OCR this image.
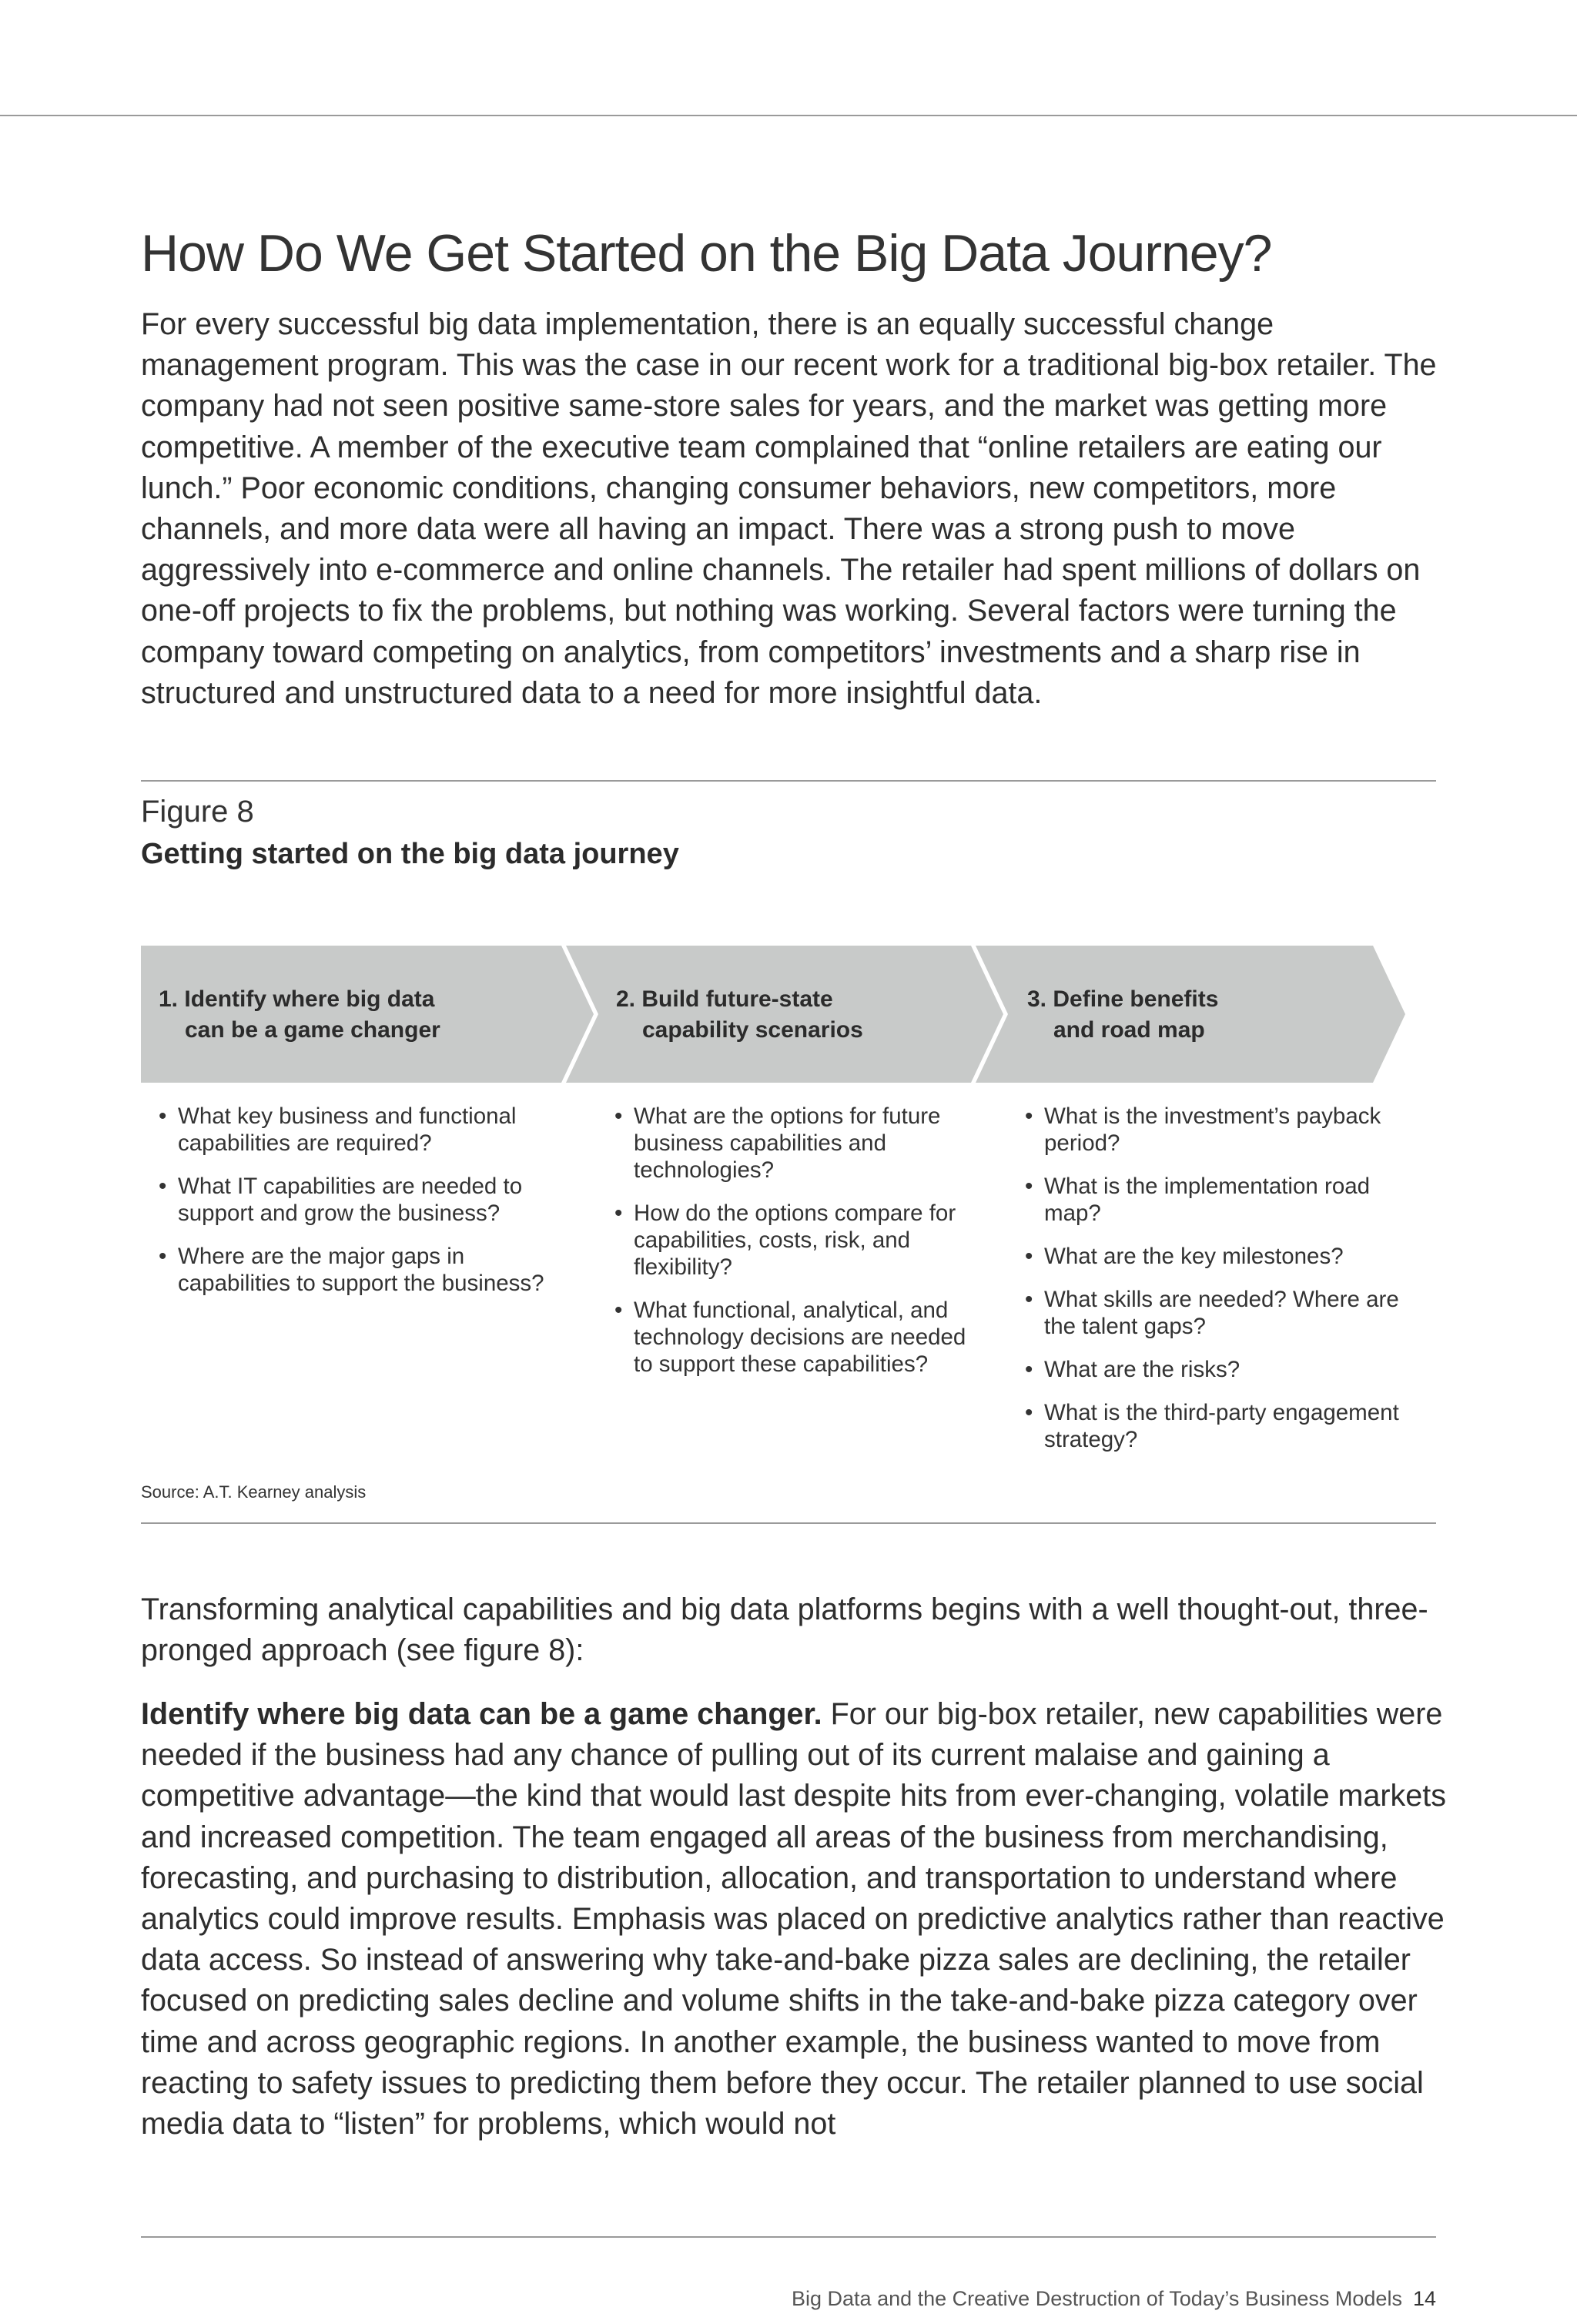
How Do We Get Started on the Big Data Journey?

For every successful big data implementation, there is an equally successful change management program. This was the case in our recent work for a traditional big-box retailer. The company had not seen positive same-store sales for years, and the market was getting more competitive. A member of the executive team complained that “online retailers are eating our lunch.” Poor economic conditions, changing consumer behaviors, new competitors, more channels, and more data were all having an impact. There was a strong push to move aggressively into e-commerce and online channels. The retailer had spent millions of dollars on one-off projects to fix the problems, but nothing was working. Several factors were turning the company toward competing on analytics, from competitors’ investments and a sharp rise in structured and unstructured data to a need for more insightful data.

Figure 8

Getting started on the big data journey

1. Identify where big data
can be a game changer
2. Build future-state
capability scenarios
3. Define benefits
and road map
• What key business and functional capabilities are required?
• What IT capabilities are needed to support and grow the business?
• Where are the major gaps in capabilities to support the business?
• What are the options for future business capabilities and technologies?
• How do the options compare for capabilities, costs, risk, and flexibility?
• What functional, analytical, and technology decisions are needed to support these capabilities?
• What is the investment’s payback period?
• What is the implementation road map?
• What are the key milestones?
• What skills are needed? Where are the talent gaps?
• What are the risks?
• What is the third-party engagement strategy?

Source: A.T. Kearney analysis

Transforming analytical capabilities and big data platforms begins with a well thought-out, three-pronged approach (see figure 8):

Identify where big data can be a game changer. For our big-box retailer, new capabilities were needed if the business had any chance of pulling out of its current malaise and gaining a competitive advantage—the kind that would last despite hits from ever-changing, volatile markets and increased competition. The team engaged all areas of the business from merchandising, forecasting, and purchasing to distribution, allocation, and transportation to understand where analytics could improve results. Emphasis was placed on predictive analytics rather than reactive data access. So instead of answering why take-and-bake pizza sales are declining, the retailer focused on predicting sales decline and volume shifts in the take-and-bake pizza category over time and across geographic regions. In another example, the business wanted to move from reacting to safety issues to predicting them before they occur. The retailer planned to use social media data to “listen” for problems, which would not

Big Data and the Creative Destruction of Today’s Business Models 14
